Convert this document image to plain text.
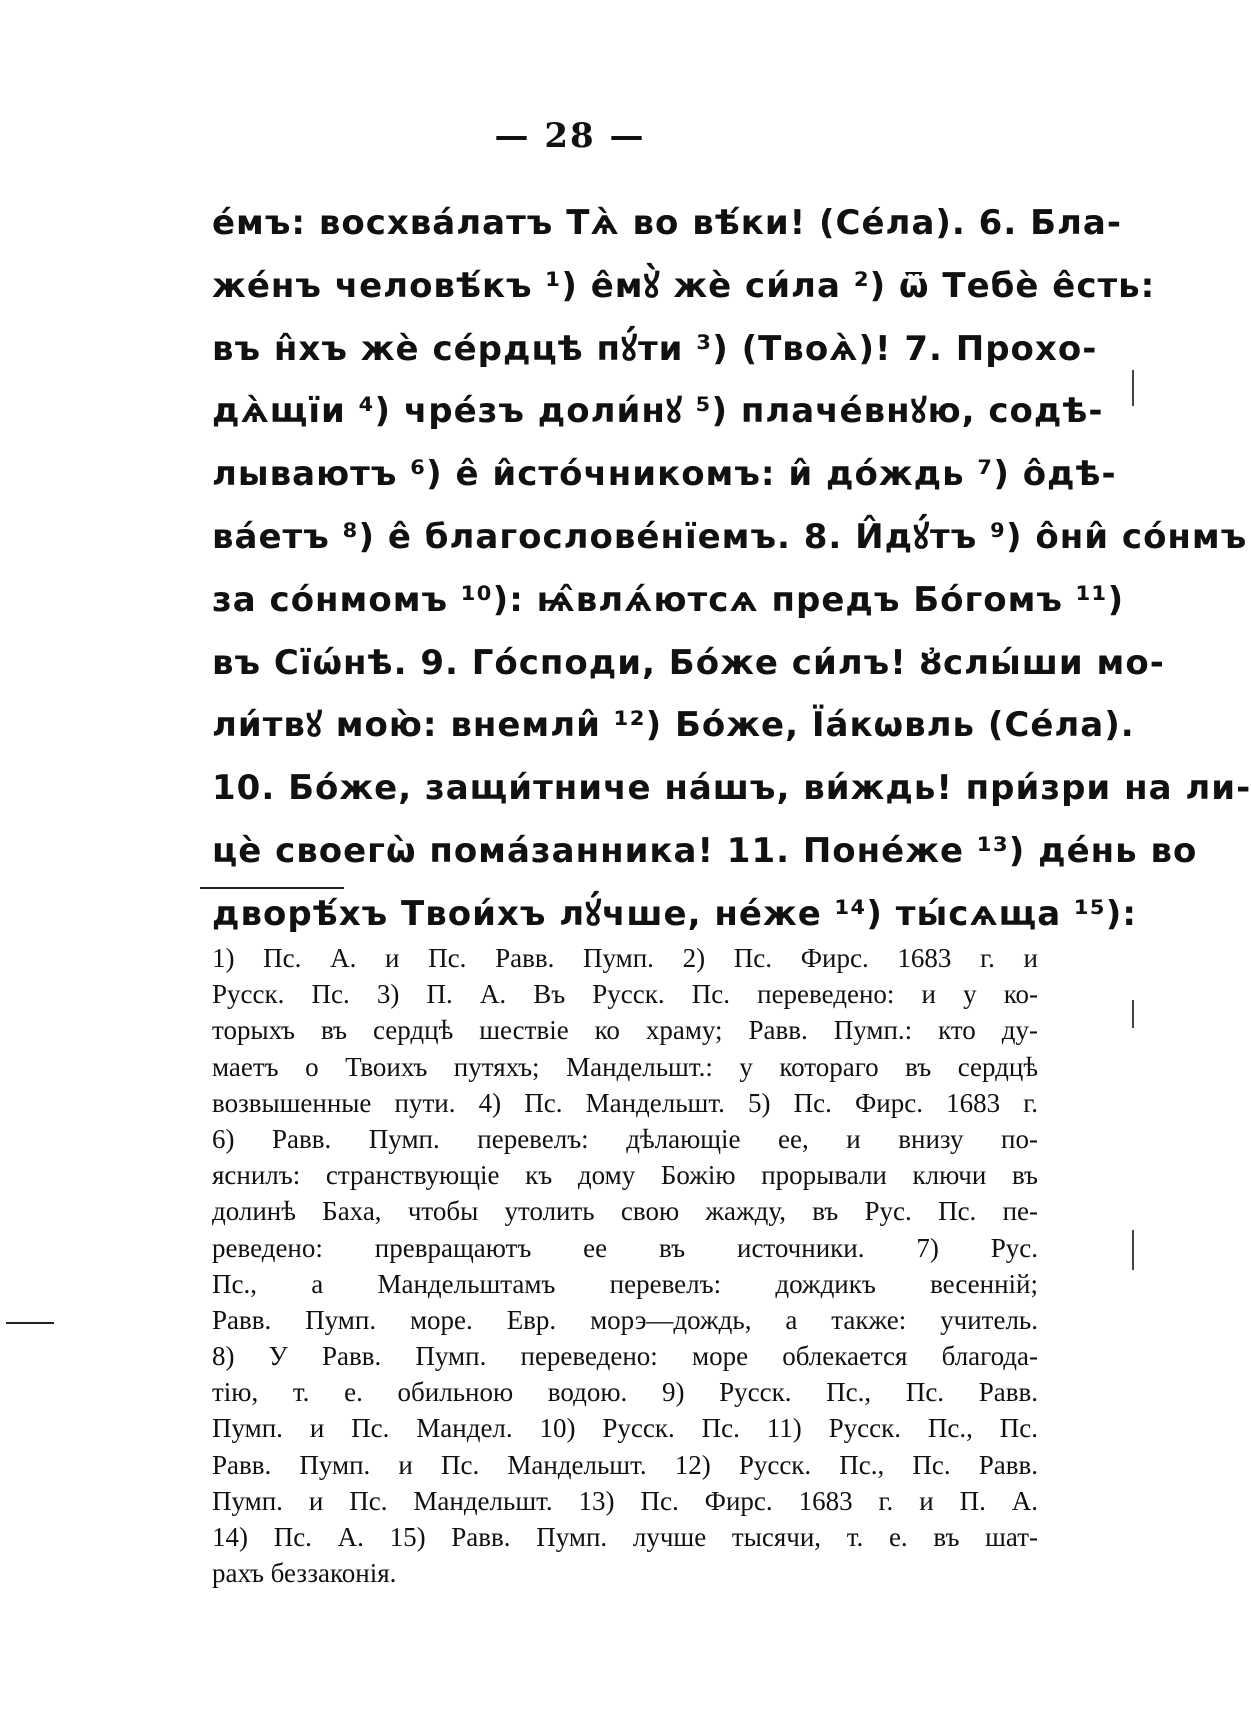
— 28 —
е́мъ: восхва́латъ Тѧ̀ во вѣ́ки! (Се́ла). 6. Бла-
же́нъ человѣ́къ ¹) е̂мꙋ̀ жѐ си́ла ²) ѿ Тебѐ е̂сть:
въ н̂хъ жѐ се́рдцѣ пꙋ́ти ³) (Твоѧ̀)! 7. Прохо-
дѧ̀щїи ⁴) чре́зъ доли́нꙋ ⁵) плаче́внꙋю, содѣ-
лываютъ ⁶) е̂ и̂сто́чникомъ: и̂ до́ждь ⁷) о̂дѣ-
ва́етъ ⁸) е̂ благослове́нїемъ. 8. И̂дꙋ́тъ ⁹) о̂ни̂ со́нмъ
за со́нмомъ ¹⁰): ѩ̂влѧ́ютсѧ предъ Бо́гомъ ¹¹)
въ Сїѡ́нѣ. 9. Го́споди, Бо́же си́лъ! ȣ҆слы́ши мо-
ли́твꙋ мою̀: внемли̂ ¹²) Бо́же, Їа́кѡвль (Се́ла).
10. Бо́же, защи́тниче на́шъ, ви́ждь! при́зри на ли-
цѐ своегѡ̀ пома́занника! 11. Поне́же ¹³) де́нь во
дворѣ́хъ Твои́хъ лꙋ́чше, не́же ¹⁴) ты́сѧща ¹⁵):
1) Пс. А. и Пс. Равв. Пумп. 2) Пс. Фирс. 1683 г. и
Русск. Пс. 3) П. А. Въ Русск. Пс. переведено: и у ко-
торыхъ въ сердцѣ шествіе ко храму; Равв. Пумп.: кто ду-
маетъ о Твоихъ путяхъ; Мандельшт.: у котораго въ сердцѣ
возвышенные пути. 4) Пс. Мандельшт. 5) Пс. Фирс. 1683 г.
6) Равв. Пумп. перевелъ: дѣлающіе ее, и внизу по-
яснилъ: странствующіе къ дому Божію прорывали ключи въ
долинѣ Баха, чтобы утолить свою жажду, въ Рус. Пс. пе-
реведено: превращаютъ ее въ источники. 7) Рус.
Пс., а Мандельштамъ перевелъ: дождикъ весенній;
Равв. Пумп. море. Евр. морэ—дождь, а также: учитель.
8) У Равв. Пумп. переведено: море облекается благода-
тію, т. е. обильною водою. 9) Русск. Пс., Пс. Равв.
Пумп. и Пс. Мандел. 10) Русск. Пс. 11) Русск. Пс., Пс.
Равв. Пумп. и Пс. Мандельшт. 12) Русск. Пс., Пс. Равв.
Пумп. и Пс. Мандельшт. 13) Пс. Фирс. 1683 г. и П. А.
14) Пс. А. 15) Равв. Пумп. лучше тысячи, т. е. въ шат-
рахъ беззаконія.
